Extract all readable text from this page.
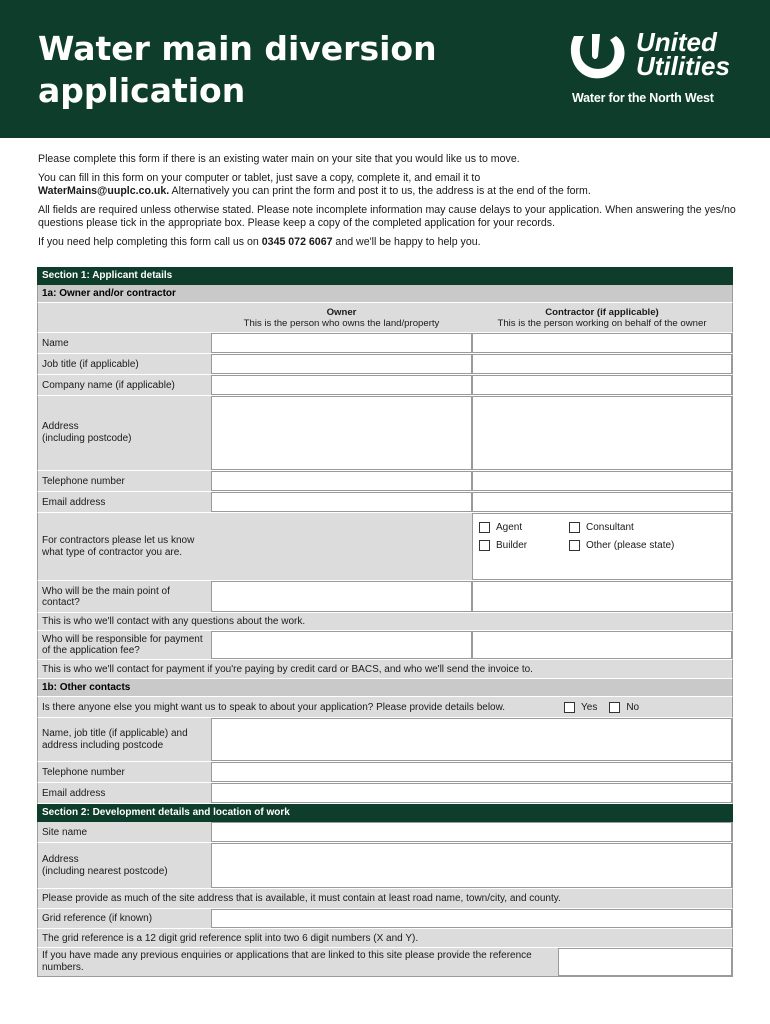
Water main diversion
application
United
Utilities
Water for the North West

Please complete this form if there is an existing water main on your site that you would like us to move.

You can fill in this form on your computer or tablet, just save a copy, complete it, and email it to
WaterMains@uuplc.co.uk. Alternatively you can print the form and post it to us, the address is at the end of the form.

All fields are required unless otherwise stated. Please note incomplete information may cause delays to your application. When answering the yes/no questions please tick in the appropriate box. Please keep a copy of the completed application for your records.

If you need help completing this form call us on 0345 072 6067 and we'll be happy to help you.

Section 1: Applicant details
1a: Owner and/or contractor
Owner
This is the person who owns the land/property
Contractor (if applicable)
This is the person working on behalf of the owner
Name
Job title (if applicable)
Company name (if applicable)
Address
(including postcode)
Telephone number
Email address
For contractors please let us know what type of contractor you are.
Agent	Consultant
Builder	Other (please state)
Who will be the main point of contact?
This is who we'll contact with any questions about the work.
Who will be responsible for payment of the application fee?
This is who we'll contact for payment if you're paying by credit card or BACS, and who we'll send the invoice to.
1b: Other contacts
Is there anyone else you might want us to speak to about your application? Please provide details below.	Yes	No
Name, job title (if applicable) and address including postcode
Telephone number
Email address
Section 2: Development details and location of work
Site name
Address
(including nearest postcode)
Please provide as much of the site address that is available, it must contain at least road name, town/city, and county.
Grid reference (if known)
The grid reference is a 12 digit grid reference split into two 6 digit numbers (X and Y).
If you have made any previous enquiries or applications that are linked to this site please provide the reference numbers.
